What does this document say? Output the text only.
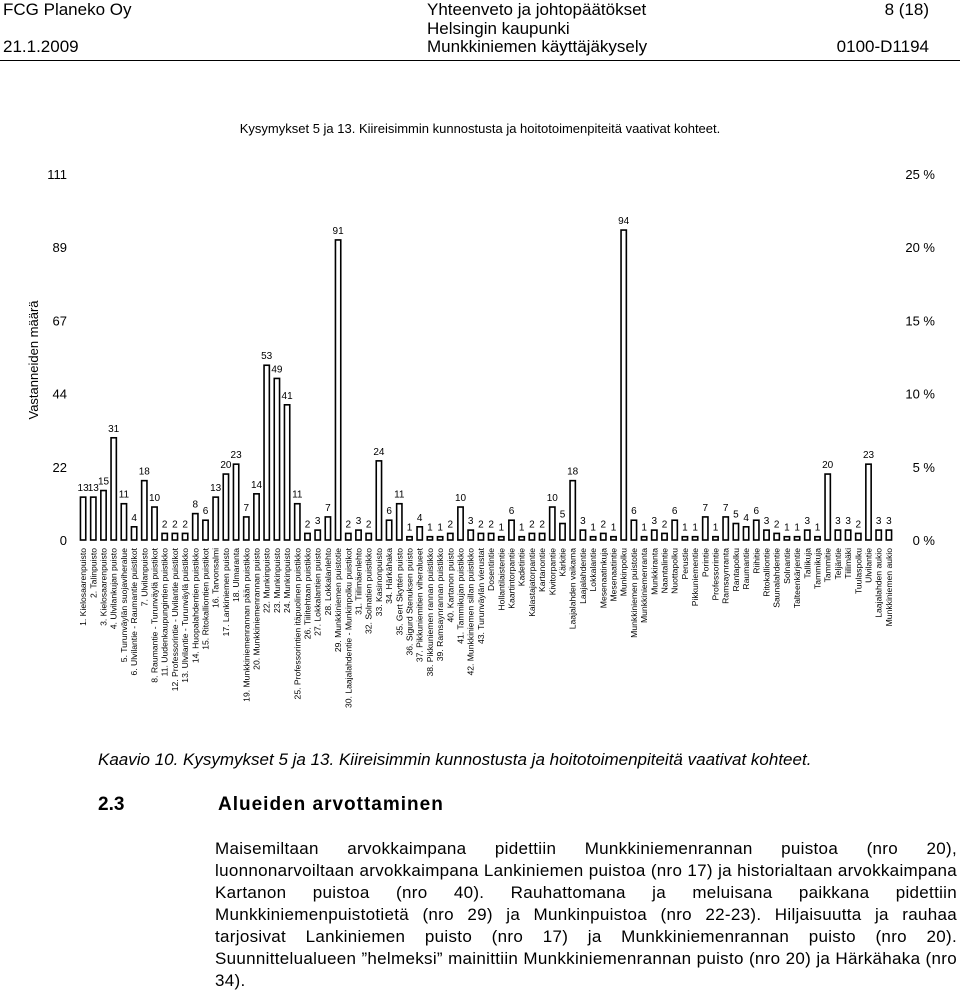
FCG Planeko Oy	Yhteenveto ja johtopäätökset	8 (18)
Helsingin kaupunki
21.1.2009	Munkkiniemen käyttäjäkysely	0100-D1194
Kysymykset 5 ja 13. Kiireisimmin kunnostusta ja hoitotoimenpiteitä vaativat kohteet.
0
22
44
67
89
111
0 %
5 %
10 %
15 %
20 %
25 %
Vastanneiden määrä
13 13
15
31
11
4
18
10
2 2 2
8
6
13
20
23
7
14
53
49
41
11
2 3
7
91
2 3 2
24
6
11
1
4
1 1 2
10
3 2 2 1
6
1 2 2
10
5
18
3
1 2 1
94
6
1
3 2
6
1 1
7
1
7
5 4
6
3 2 1 1
3
1
20
3 3 2
23
3 3
1. Kielosaarenpuisto 2. Talinpuisto 3. Kielosaarenpuisto 4. Ulvilankujan puisto 5. Turunväylän suojaviheralue 6. Ulvilantie - Raumantie puistikot 7. Ulvilanpuisto 8. Raumantie - Turunväylä puistikot 11. Uudenkaupungintien puistikko 12. Professorintie - Ulvilantie puistikot 13. Ulvilantie - Turunväylä puistikko 14. Huopalahdentien puistikko 15. Ritokalliontien puistikot 16. Tarvonsalmi 17. Lankiniemen puisto 18. Ulmaranta 19. Munkkiniemenrannan pään puistikko 20. Munkkiniemenrannan puisto 22. Munkinpuisto 23. Munkinpuisto 24. Munkinpuisto 25. Professorintien itäpuolinen puistikko 26. Tiilitehtaan puistikko 27. Lokkalantien puisto 28. Lokkalanlehto 29. Munkkiniemen puistotie 30. Laajalahdentie - Munkinpolku puistikot 31. Tiilimäenlehto 32. Solnatien puistikko 33. Kasinonpuisto 34. Härkähaka 35. Gert Skyttén puisto 36. Sigurd Stenuksen puisto 37. Pikkuniemitien viheralueet 38. Pikkuniemen rannan puistikko 39. Ramsaynrannan puistikko 40. Kartanon puisto 41. Tammikujan puistikko 42. Munkkiniemen sillan puistikko 43. Turunväylän vierustat Dosentintie Hollantilaistentie Kaartintorpantie Kadetintie Kalastajatorpantie Kartanontie Kivitorpantie Kärkitie Laajalahden vaikama Laajalahdentie Lokkalantie Mesenaatinkuja Mesenaatintie Munkinpolku Munkkiniemen puistotie Munkkiniemenranta Munkkiranta Naantalintie Nuottapolku Perustie Pikkuniementie Porintie Professorintie Ramsaynranta Rantapolku Raumantie Riihitie Ritokalliontie Saunalahdentie Solnantie Talteenkärjentie Tallikuja Tammikuja Tammitie Teljäntie Tiilimäki Tuulaspolku Ulvilantie Laajalahden aukio Munkkiniemen aukio
Kaavio 10. Kysymykset 5 ja 13. Kiireisimmin kunnostusta ja hoitotoimenpiteitä vaativat kohteet.
2.3	Alueiden arvottaminen
Maisemiltaan arvokkaimpana pidettiin Munkkiniemenrannan puistoa (nro 20), luonnonarvoiltaan arvokkaimpana Lankiniemen puistoa (nro 17) ja historialtaan arvokkaimpana Kartanon puistoa (nro 40). Rauhattomana ja meluisana paikkana pidettiin Munkkiniemenpuistotietä (nro 29) ja Munkinpuistoa (nro 22-23). Hiljaisuutta ja rauhaa tarjosivat Lankiniemen puisto (nro 17) ja Munkkiniemenrannan puisto (nro 20). Suunnittelualueen ”helmeksi” mainittiin Munkkiniemenrannan puisto (nro 20) ja Härkähaka (nro 34).
